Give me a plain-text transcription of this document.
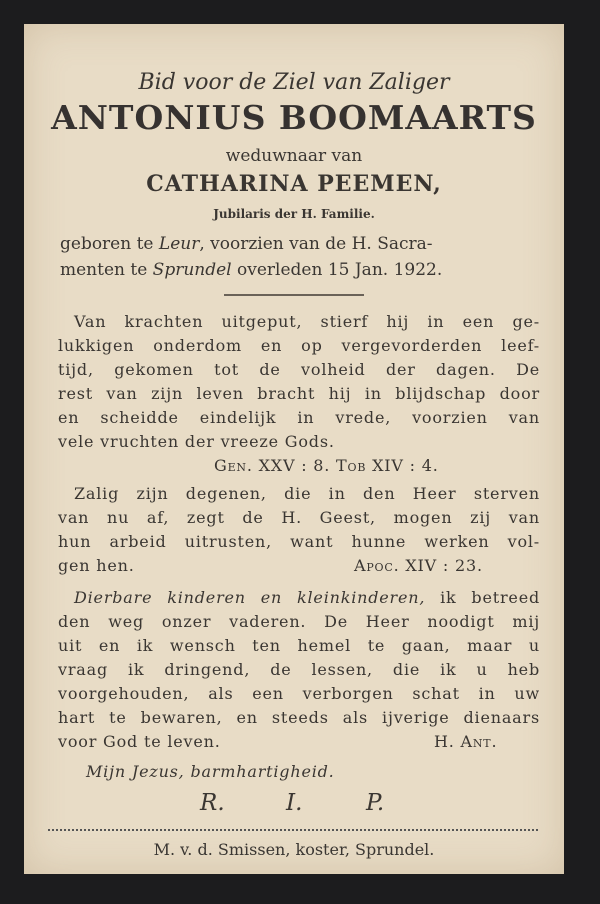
Bid voor de Ziel van Zaliger
ANTONIUS BOOMAARTS
weduwnaar van
CATHARINA PEEMEN,
Jubilaris der H. Familie.
geboren te Leur, voorzien van de H. Sacra-
menten te Sprundel overleden 15 Jan. 1922.
Van krachten uitgeput, stierf hij in een ge-
lukkigen onderdom en op vergevorderden leef-
tijd, gekomen tot de volheid der dagen. De
rest van zijn leven bracht hij in blijdschap door
en scheidde eindelijk in vrede, voorzien van
vele vruchten der vreeze Gods.
Gen. XXV : 8. Tob XIV : 4.
Zalig zijn degenen, die in den Heer sterven
van nu af, zegt de H. Geest, mogen zij van
hun arbeid uitrusten, want hunne werken vol-
gen hen.	Apoc. XIV : 23.
Dierbare kinderen en kleinkinderen, ik betreed
den weg onzer vaderen. De Heer noodigt mij
uit en ik wensch ten hemel te gaan, maar u
vraag ik dringend, de lessen, die ik u heb
voorgehouden, als een verborgen schat in uw
hart te bewaren, en steeds als ijverige dienaars
voor God te leven.	H. Ant.
Mijn Jezus, barmhartigheid.
R.	I.	P.
M. v. d. Smissen, koster, Sprundel.
